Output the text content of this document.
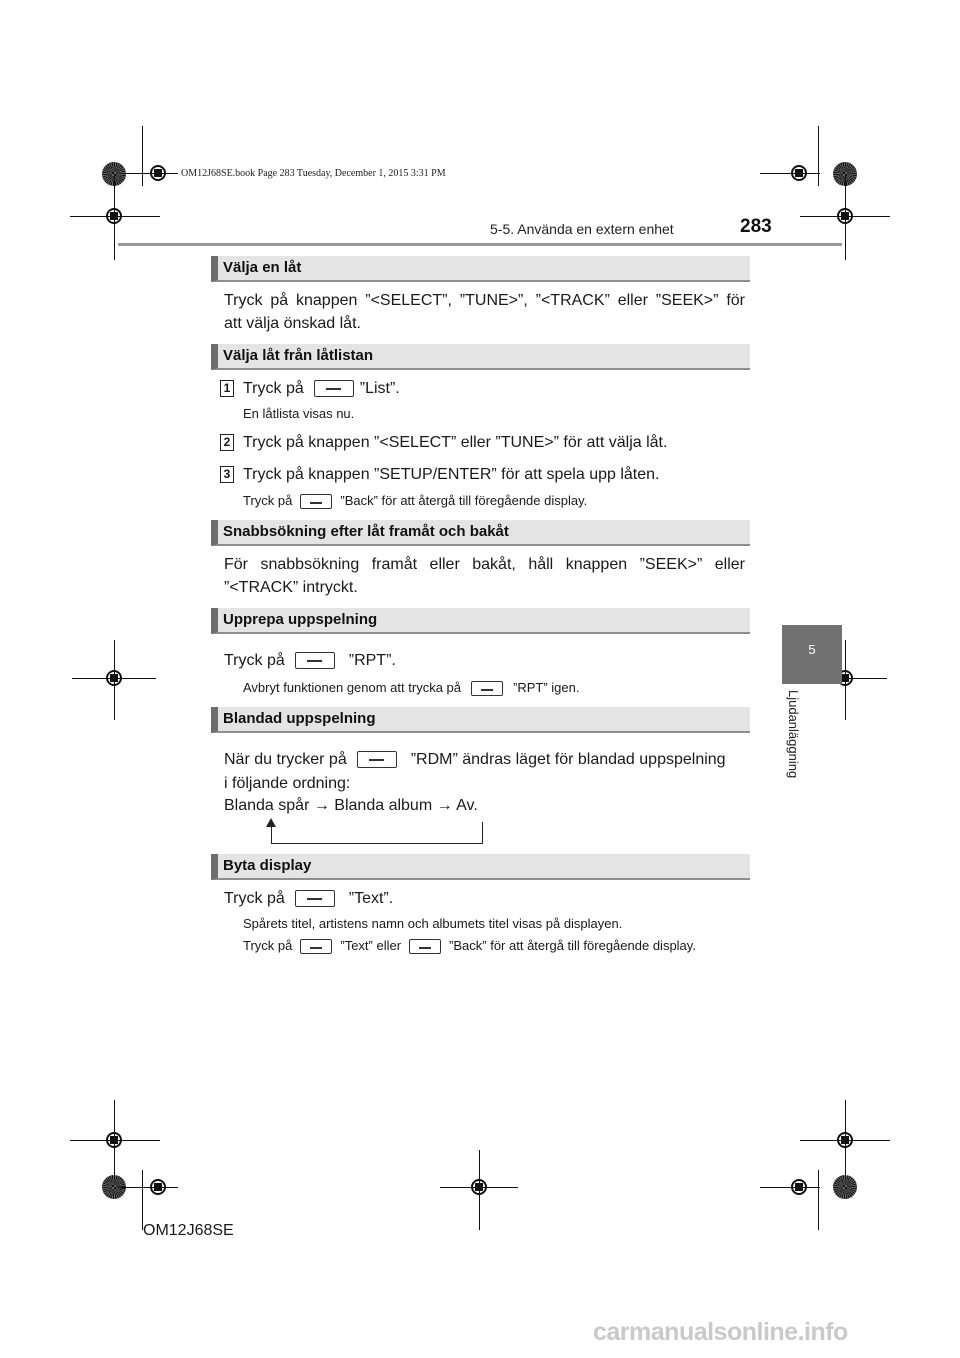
OM12J68SE.book Page 283 Tuesday, December 1, 2015 3:31 PM
5-5. Använda en extern enhet	283
5
Ljudanläggning
Välja en låt
Tryck på knappen ”<SELECT”, ”TUNE>”, ”<TRACK” eller ”SEEK>” för
att välja önskad låt.
Välja låt från låtlistan
1 Tryck på	”List”.
En låtlista visas nu.
2 Tryck på knappen ”<SELECT” eller ”TUNE>” för att välja låt.
3 Tryck på knappen ”SETUP/ENTER” för att spela upp låten.
Tryck på	”Back” för att återgå till föregående display.
Snabbsökning efter låt framåt och bakåt
För snabbsökning framåt eller bakåt, håll knappen ”SEEK>” eller
”<TRACK” intryckt.
Upprepa uppspelning
Tryck på	”RPT”.
Avbryt funktionen genom att trycka på	”RPT” igen.
Blandad uppspelning
När du trycker på	”RDM” ändras läget för blandad uppspelning
i följande ordning:
Blanda spår → Blanda album → Av.
Byta display
Tryck på	”Text”.
Spårets titel, artistens namn och albumets titel visas på displayen.
Tryck på	”Text” eller	”Back” för att återgå till föregående display.
OM12J68SE
carmanualsonline.info
